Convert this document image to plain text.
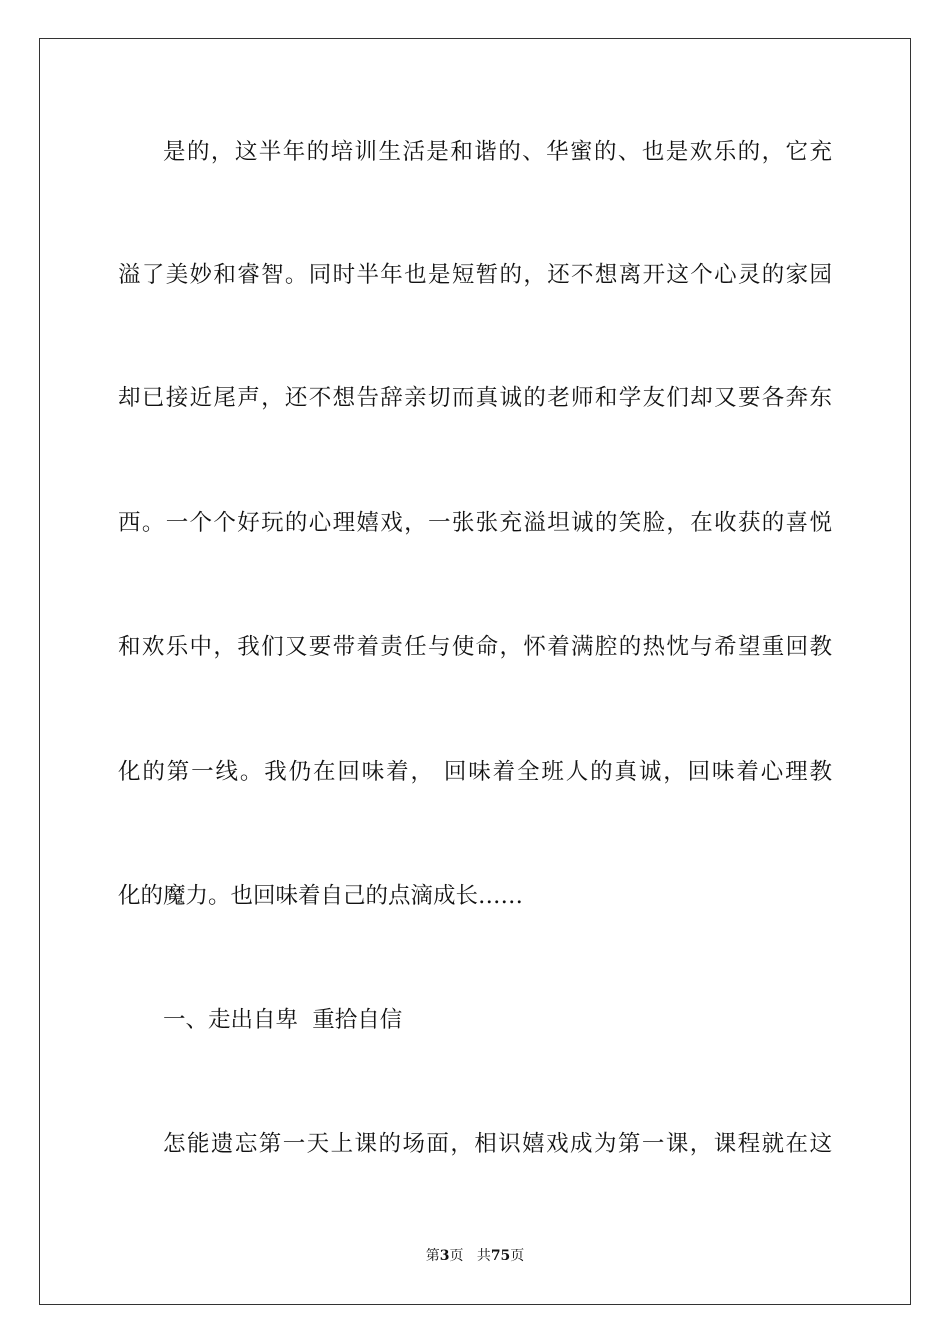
是的，这半年的培训生活是和谐的、华蜜的、也是欢乐的，它充
溢了美妙和睿智。同时半年也是短暂的，还不想离开这个心灵的家园
却已接近尾声，还不想告辞亲切而真诚的老师和学友们却又要各奔东
西。一个个好玩的心理嬉戏，一张张充溢坦诚的笑脸，在收获的喜悦
和欢乐中，我们又要带着责任与使命，怀着满腔的热忱与希望重回教
化的第一线。我仍在回味着， 回味着全班人的真诚，回味着心理教
化的魔力。也回味着自己的点滴成长……
一、走出自卑  重拾自信
怎能遗忘第一天上课的场面，相识嬉戏成为第一课，课程就在这
第3页 共75页
